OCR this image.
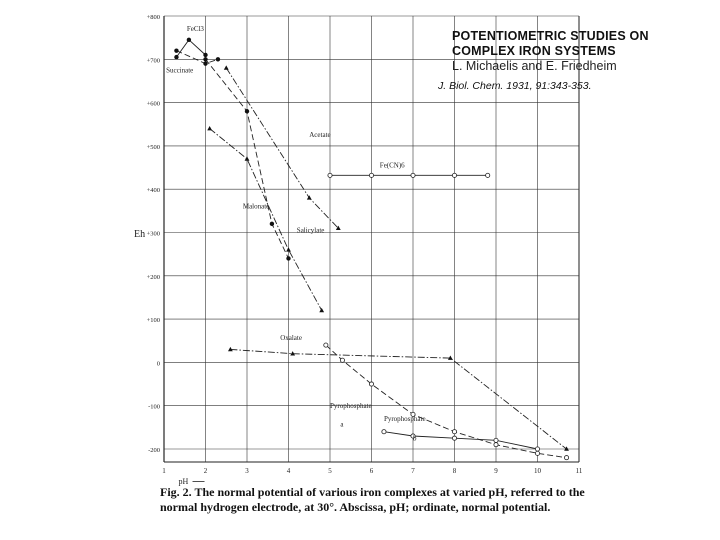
1	2	3	4	5	6	7	8	9	10	11
+800
+700
+600
+500
+400
+300
+200
+100
0
-100
-200
pH
Eh
FeCl3
Succinate
Acetate
Malonate
Salicylate
Fe(CN)6
Oxalate
Pyrophosphate
a
Pyrophosphate
b
POTENTIOMETRIC STUDIES ON
COMPLEX IRON SYSTEMS
L. Michaelis and E. Friedheim
J. Biol. Chem. 1931, 91:343-353.
Fig. 2. The normal potential of various iron complexes at varied pH, referred to the normal hydrogen electrode, at 30°. Abscissa, pH; ordinate, normal potential.
